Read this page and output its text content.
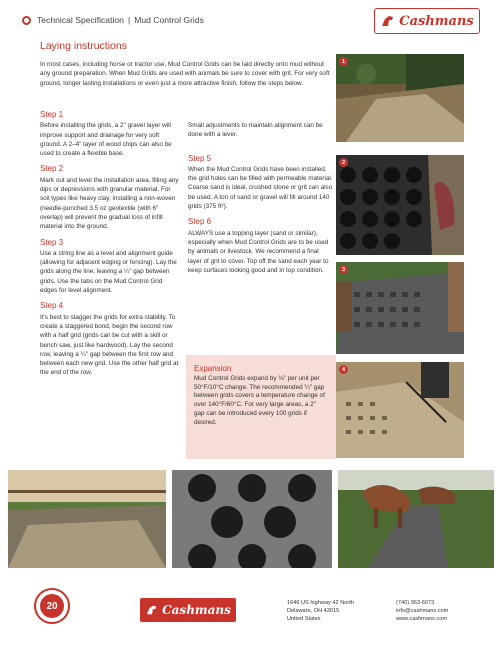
Technical Specification | Mud Control Grids	Cashmans
Laying instructions
In most cases, including horse or tractor use, Mud Control Grids can be laid directly onto mud without any ground preparation. When Mud Grids are used with animals be sure to cover with grit. For very soft ground, longer lasting installations or even just a more attractive finish, follow the steps below.
Step 1
Before installing the grids, a 2" gravel layer will improve support and drainage for very soft ground. A 2–4" layer of wood chips can also be used to create a flexible base.
Step 2
Mark out and level the installation area, filling any dips or depressions with granular material. For soil types like heavy clay, installing a non-woven (needle-punched 3.5 oz geotextile (with 6" overlap) will prevent the gradual loss of infill material into the ground.
Step 3
Use a string line as a level and alignment guide (allowing for adjacent edging or fencing). Lay the grids along the line, leaving a ¼" gap between grids. Use the tabs on the Mud Control Grid edges for level alignment.
Step 4
It's best to stagger the grids for extra stability. To create a staggered bond, begin the second row with a half grid (grids can be cut with a skill or bench saw, just like hardwood). Lay the second row, leaving a ¼" gap between the first row and between each new grid. Use the other half grid at the end of the row.
Small adjustments to maintain alignment can be done with a lever.
Step 5
When the Mud Control Grids have been installed, the grid holes can be filled with permeable material. Coarse sand is ideal, crushed stone or grit can also be used. A ton of sand or gravel will fill around 140 grids (375 ft²).
Step 6
ALWAYS use a topping layer (sand or similar), especially when Mud Control Grids are to be used by animals or livestock. We recommend a final layer of grit to cover. Top off the sand each year to keep surfaces looking good and in top condition.
Expansion
Mud Control Grids expand by ⅛" per unit per 50°F/10°C change. The recommended ¼" gap between grids covers a temperature change of over 140°F/60°C. For very large areas, a 2" gap can be introduced every 100 grids if desired.
1
2
3
4
20	Cashmans	1646 US highway 42 North
Delaware, OH 43015
United States
(740) 363-6073
info@cashmans.com
www.cashmans.com
